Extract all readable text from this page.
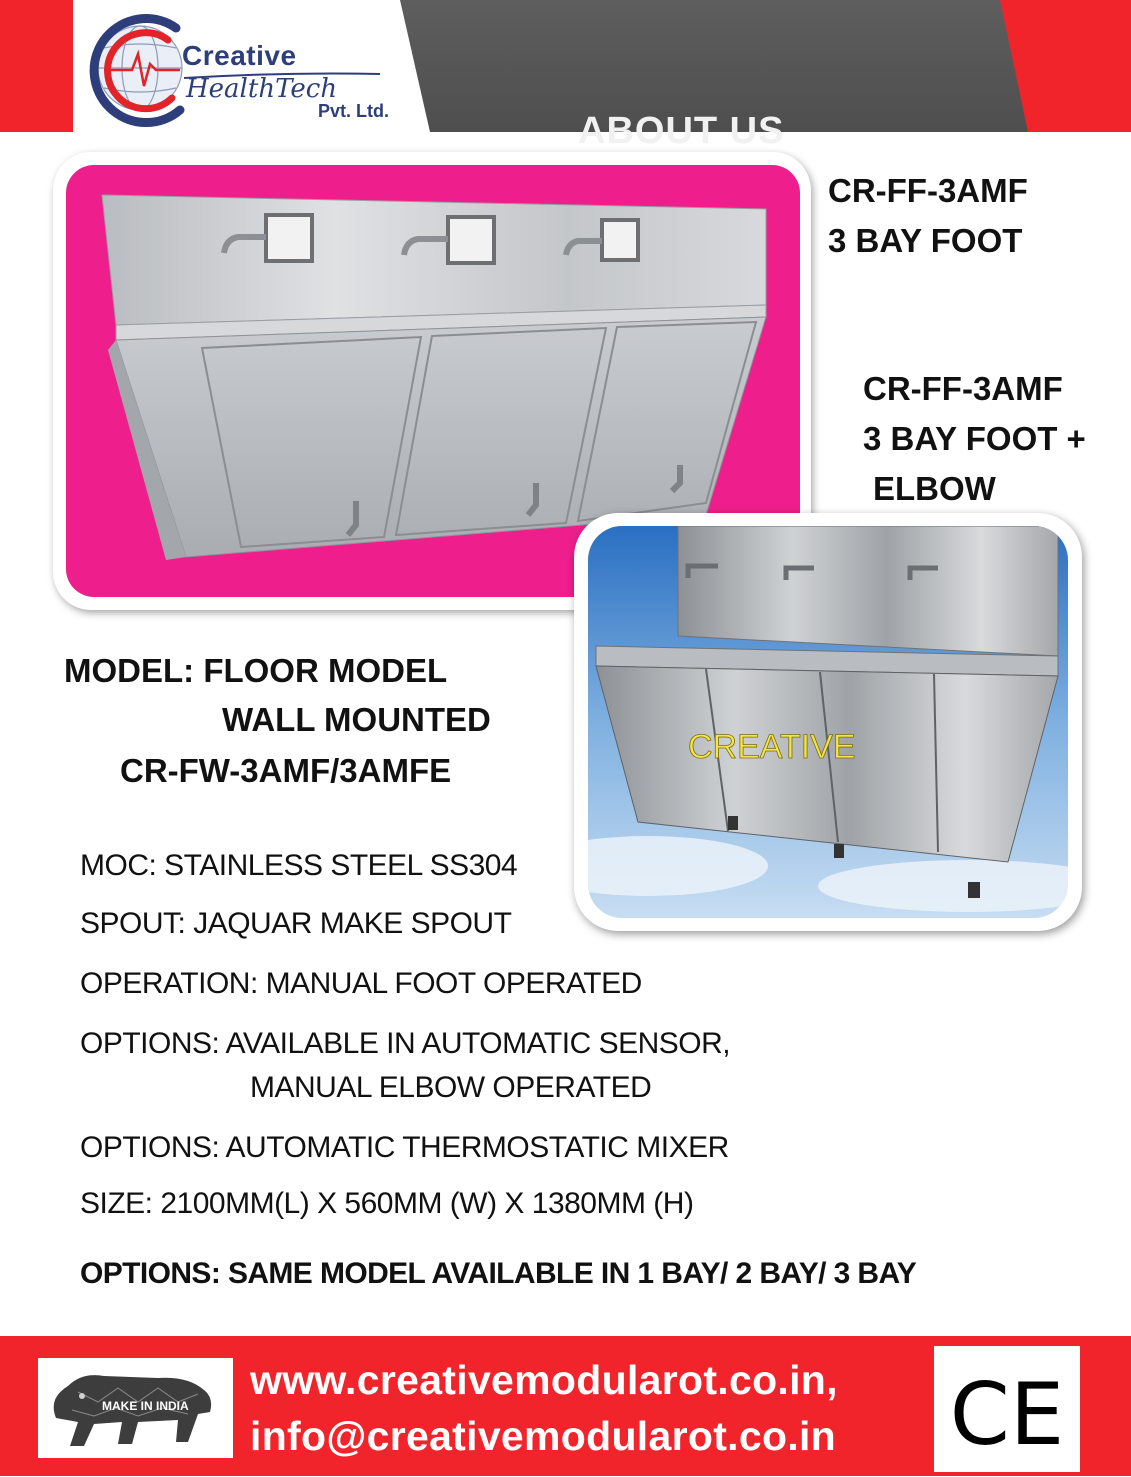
ABOUT US
Creative
HealthTech
Pvt. Ltd.
CR-FF-3AMF
3 BAY FOOT
CR-FF-3AMF
3 BAY FOOT +
ELBOW
CREATIVE
MODEL: FLOOR MODEL
WALL MOUNTED
CR-FW-3AMF/3AMFE
MOC: STAINLESS STEEL SS304
SPOUT: JAQUAR MAKE SPOUT
OPERATION: MANUAL FOOT OPERATED
OPTIONS: AVAILABLE IN AUTOMATIC SENSOR,
MANUAL ELBOW OPERATED
OPTIONS: AUTOMATIC THERMOSTATIC MIXER
SIZE: 2100MM(L) X 560MM (W) X 1380MM (H)
OPTIONS: SAME MODEL AVAILABLE IN 1 BAY/ 2 BAY/ 3 BAY
MAKE IN INDIA
www.creativemodularot.co.in,
info@creativemodularot.co.in CE
